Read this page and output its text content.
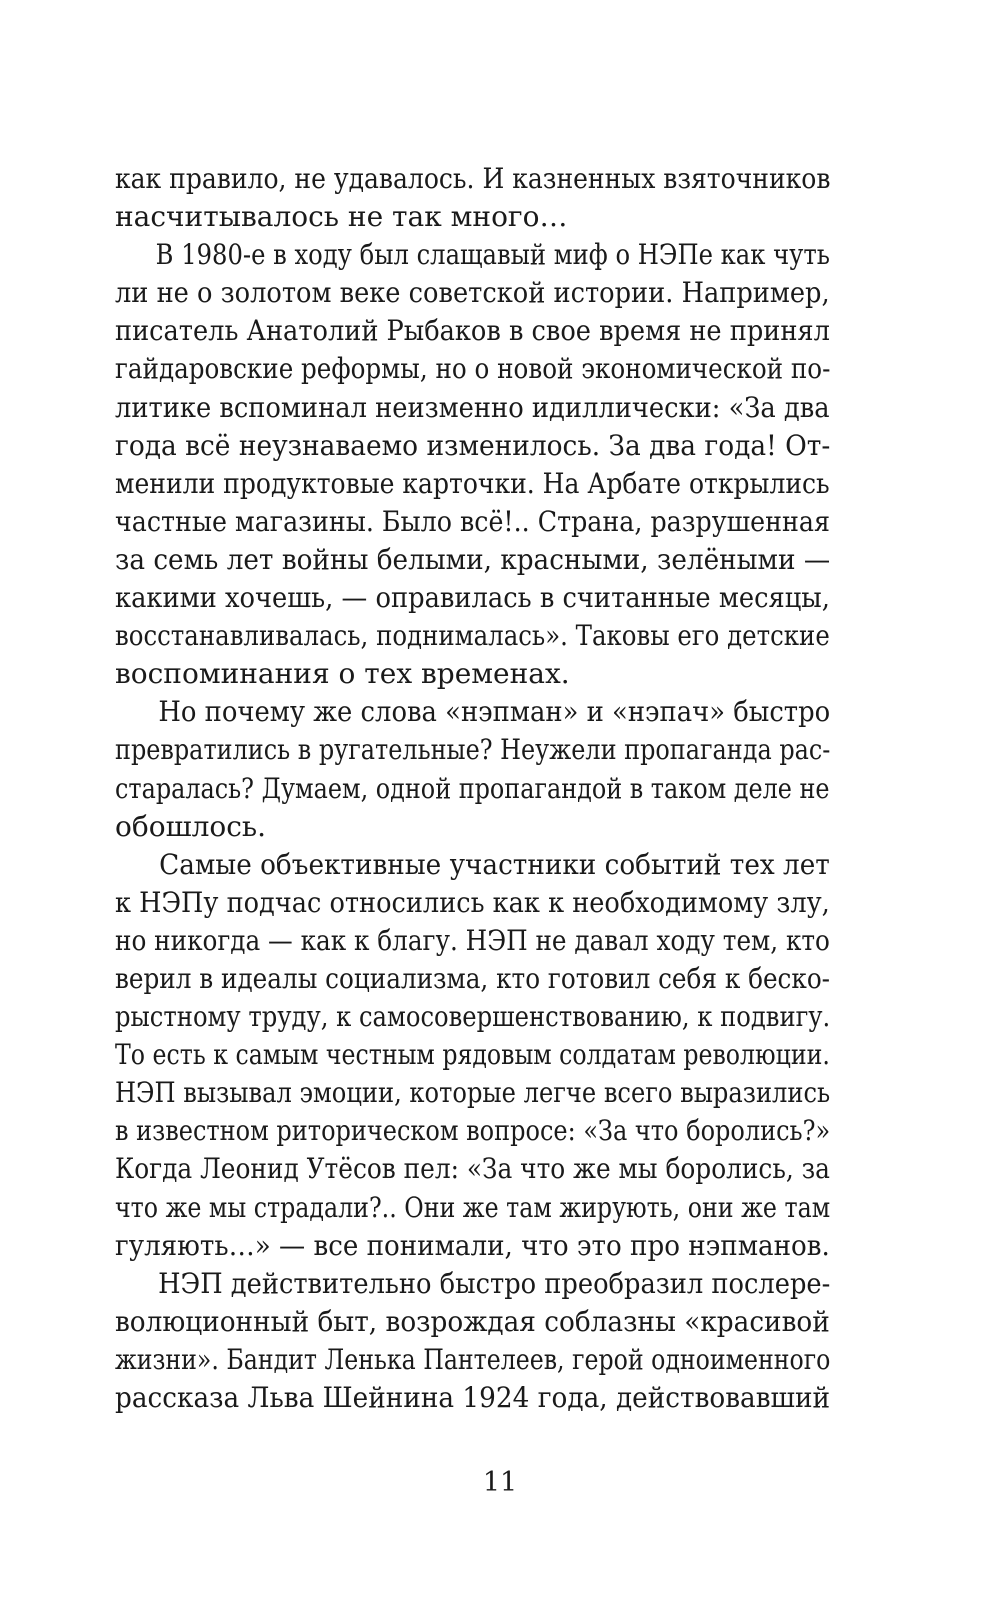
как правило, не удавалось. И казненных взяточников
насчитывалось не так много…
В 1980-е в ходу был слащавый миф о НЭПе как чуть
ли не о золотом веке советской истории. Например,
писатель Анатолий Рыбаков в свое время не принял
гайдаровские реформы, но о новой экономической по-
литике вспоминал неизменно идиллически: «За два
года всё неузнаваемо изменилось. За два года! От-
менили продуктовые карточки. На Арбате открылись
частные магазины. Было всё!.. Страна, разрушенная
за семь лет войны белыми, красными, зелёными —
какими хочешь, — оправилась в считанные месяцы,
восстанавливалась, поднималась». Таковы его детские
воспоминания о тех временах.
Но почему же слова «нэпман» и «нэпач» быстро
превратились в ругательные? Неужели пропаганда рас-
старалась? Думаем, одной пропагандой в таком деле не
обошлось.
Самые объективные участники событий тех лет
к НЭПу подчас относились как к необходимому злу,
но никогда — как к благу. НЭП не давал ходу тем, кто
верил в идеалы социализма, кто готовил себя к беско-
рыстному труду, к самосовершенствованию, к подвигу.
То есть к самым честным рядовым солдатам революции.
НЭП вызывал эмоции, которые легче всего выразились
в известном риторическом вопросе: «За что боролись?»
Когда Леонид Утёсов пел: «За что же мы боролись, за
что же мы страдали?.. Они же там жирують, они же там
гуляють…» — все понимали, что это про нэпманов.
НЭП действительно быстро преобразил послере-
волюционный быт, возрождая соблазны «красивой
жизни». Бандит Ленька Пантелеев, герой одноименного
рассказа Льва Шейнина 1924 года, действовавший
11
